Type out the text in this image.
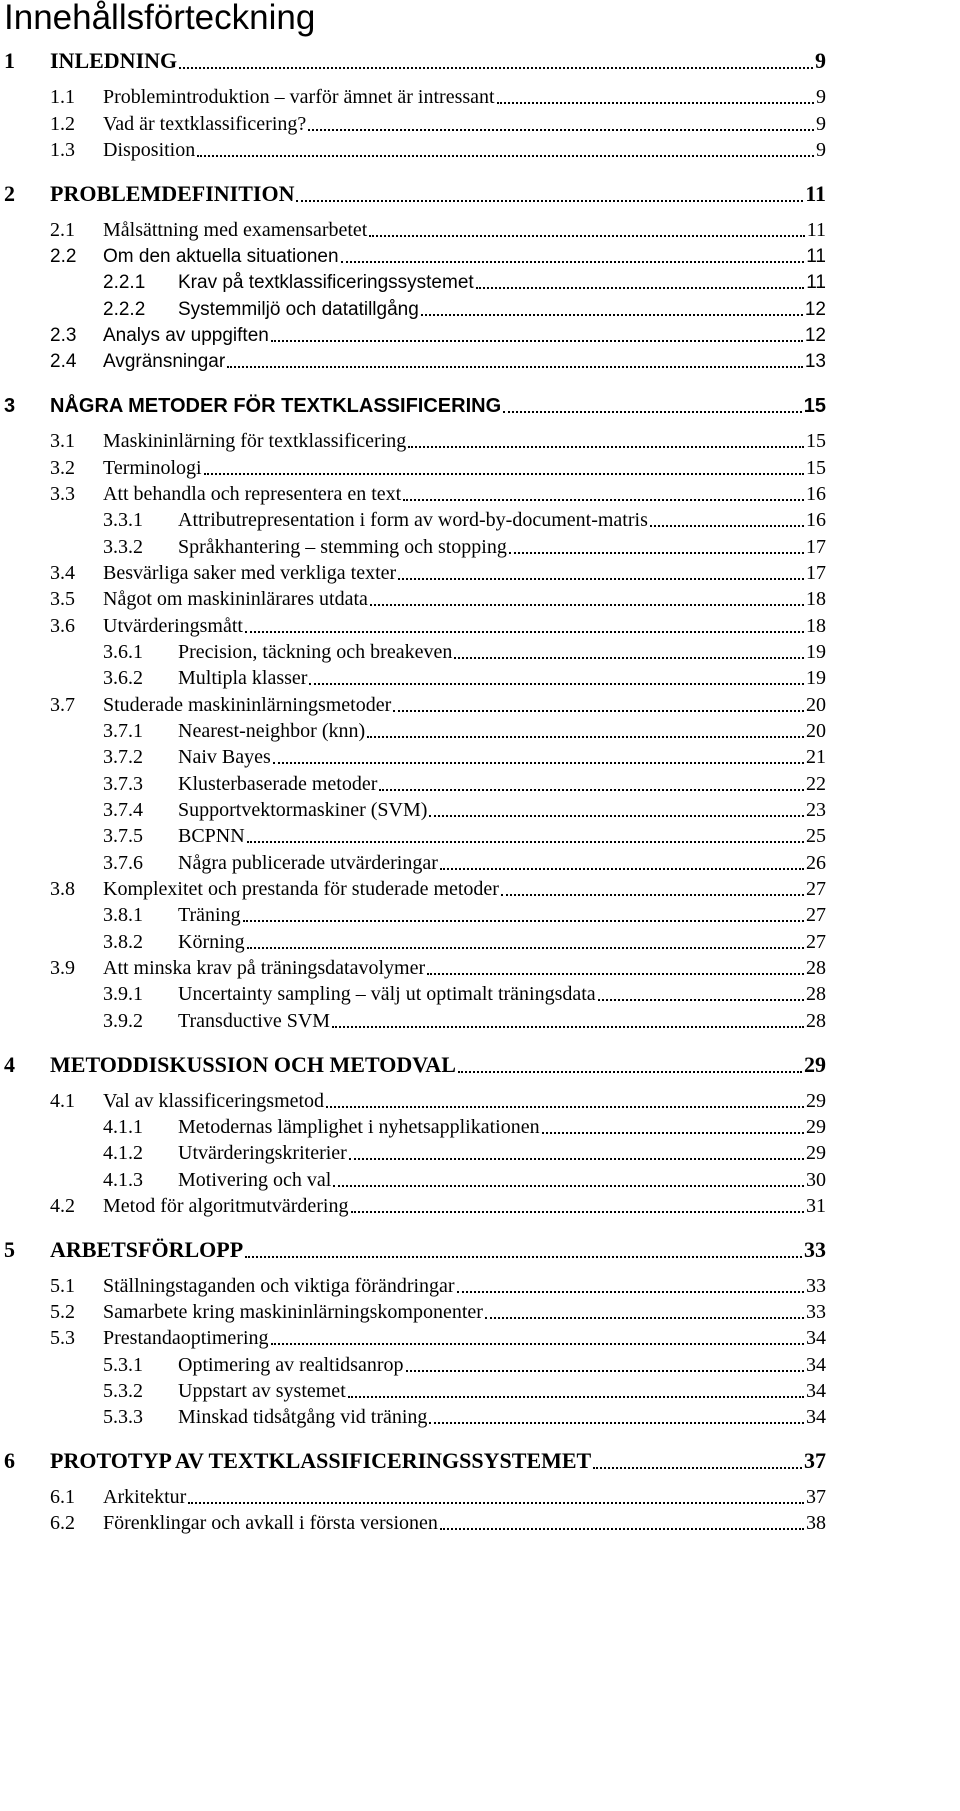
Innehållsförteckning
1 INLEDNING	9
1.1 Problemintroduktion – varför ämnet är intressant	9
1.2 Vad är textklassificering?	9
1.3 Disposition	9
2 PROBLEMDEFINITION	11
2.1 Målsättning med examensarbetet	11
2.2 Om den aktuella situationen	11
2.2.1 Krav på textklassificeringssystemet	11
2.2.2 Systemmiljö och datatillgång	12
2.3 Analys av uppgiften	12
2.4 Avgränsningar	13
3 NÅGRA METODER FÖR TEXTKLASSIFICERING	15
3.1 Maskininlärning för textklassificering	15
3.2 Terminologi	15
3.3 Att behandla och representera en text	16
3.3.1 Attributrepresentation i form av word-by-document-matris	16
3.3.2 Språkhantering – stemming och stopping	17
3.4 Besvärliga saker med verkliga texter	17
3.5 Något om maskininlärares utdata	18
3.6 Utvärderingsmått	18
3.6.1 Precision, täckning och breakeven	19
3.6.2 Multipla klasser	19
3.7 Studerade maskininlärningsmetoder	20
3.7.1 Nearest-neighbor (knn)	20
3.7.2 Naiv Bayes	21
3.7.3 Klusterbaserade metoder	22
3.7.4 Supportvektormaskiner (SVM)	23
3.7.5 BCPNN	25
3.7.6 Några publicerade utvärderingar	26
3.8 Komplexitet och prestanda för studerade metoder	27
3.8.1 Träning	27
3.8.2 Körning	27
3.9 Att minska krav på träningsdatavolymer	28
3.9.1 Uncertainty sampling – välj ut optimalt träningsdata	28
3.9.2 Transductive SVM	28
4 METODDISKUSSION OCH METODVAL	29
4.1 Val av klassificeringsmetod	29
4.1.1 Metodernas lämplighet i nyhetsapplikationen	29
4.1.2 Utvärderingskriterier	29
4.1.3 Motivering och val	30
4.2 Metod för algoritmutvärdering	31
5 ARBETSFÖRLOPP	33
5.1 Ställningstaganden och viktiga förändringar	33
5.2 Samarbete kring maskininlärningskomponenter	33
5.3 Prestandaoptimering	34
5.3.1 Optimering av realtidsanrop	34
5.3.2 Uppstart av systemet	34
5.3.3 Minskad tidsåtgång vid träning	34
6 PROTOTYP AV TEXTKLASSIFICERINGSSYSTEMET	37
6.1 Arkitektur	37
6.2 Förenklingar och avkall i första versionen	38
